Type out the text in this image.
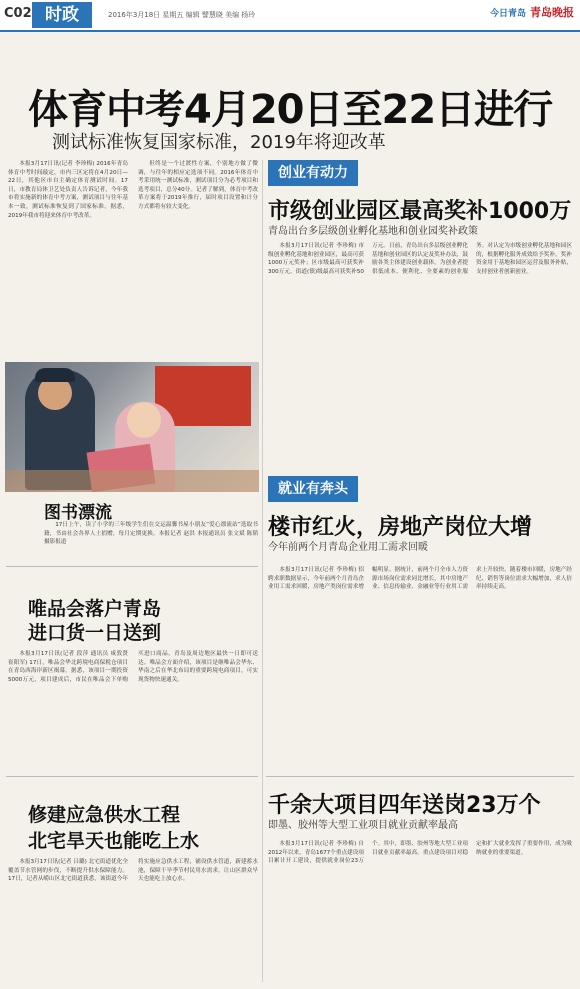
C02 时政	2016年3月18日 星期五 编辑 譬慧晓 美编 杨玲	今日青岛 青岛晚报
体育中考4月20日至22日进行
测试标准恢复国家标准，2019年将迎改革

本报3月17日讯(记者 李珍梅) 2016年青岛体育中考时间敲定，市内三区定将在4月20日—22日，其他区市自主确定体育测试时间。17日，市教育局体卫艺处负责人告诉记者，今年我市将实施新的体育中考方案，测试项目与往年基本一致，测试标准恢复到了国家标准。据悉，2019年我市将迎来体育中考改革。

但终是一个过渡性方案，个别地方做了微调，与往年的相应定选项不同。2016年体育中考采用统一测试标准，测试项目分为必考项目和选考项目，总分40分。记者了解到，体育中考改革方案将于2019年推行，届时项目设置和计分方式都将有较大变化。

图书漂流

17日上午，读了小学的三年级学生们在交运温馨书屋小朋友“爱心漂流站”选取书籍，书由社会各界人士捐赠，每月定期更换。本报记者 赵洪 本报通讯员 张文斌 陈韬 摄影报道

唯品会落户青岛
进口货一日送到

本报3月17日讯(记者 段萍 通讯员 咸敦贤 崔阳军) 17日，唯品会华北跨境电商保税仓项目在青岛西海岸新区揭幕。据悉，该项目一期投资5000万元，项目建成后，市民在唯品会下单购买进口商品，青岛及周边地区最快一日即可送达。唯品会方面介绍，该项目是继唯品会华东、华南之后在华北布局的重要跨境电商项目，可实现货物快速通关。

修建应急供水工程
北宅旱天也能吃上水

本报3月17日讯(记者 吕璐) 北宅街道优化全覆盖节水管网的步伐，不断提升供水保障能力。17日，记者从崂山区北宅街道获悉，该街道今年将实施应急供水工程，铺设供水管道，新建蓄水池，保障干旱季节村民用水需求，让山区群众旱天也能吃上放心水。

创业有动力
市级创业园区最高奖补1000万
青岛出台多层级创业孵化基地和创业园奖补政策

本报3月17日讯(记者 李珍梅) 市级创业孵化基地和创业园区，最高可获1000万元奖补；区市级最高可获奖补300万元，街道(镇)级最高可获奖补50万元。日前，青岛出台多层级创业孵化基地和创业园区的认定及奖补办法，鼓励各类主体建设创业载体，为创业者提供低成本、便利化、全要素的创业服务。对认定为市级创业孵化基地和园区的，根据孵化服务成效给予奖补，奖补资金用于基地和园区运营及服务补贴，支持创业者创新创业。

就业有奔头
楼市红火，房地产岗位大增
今年前两个月青岛企业用工需求回暖

本报3月17日讯(记者 李珍梅) 招聘求职数据显示，今年前两个月青岛企业用工需求回暖，房地产类岗位需求增幅明显。据统计，前两个月全市人力资源市场岗位需求同比增长，其中房地产业、信息传输业、金融业等行业用工需求上升较快。随着楼市回暖，房地产经纪、销售等岗位需求大幅增加，求人倍率持续走高。

千余大项目四年送岗23万个
即墨、胶州等大型工业项目就业贡献率最高

本报3月17日讯(记者 李珍梅) 自2012年以来，青岛1677个重点建设项目累计开工建设，提供就业岗位23万个。其中，即墨、胶州等地大型工业项目就业贡献率最高。重点建设项目对稳定和扩大就业发挥了重要作用，成为吸纳就业的重要渠道。
